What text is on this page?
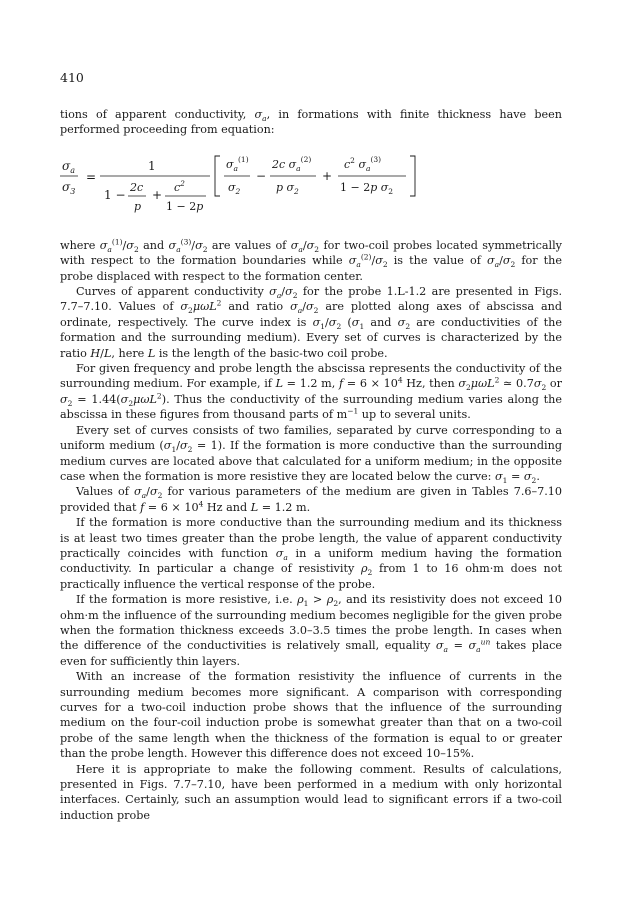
410

tions of apparent conductivity, $\sigma_a$, in formations with finite thickness have been performed proceeding from equation:

$\sigma_a$
$\sigma_3$
=
1
1 −
2c
p
+
$c^2$
1 − 2p
$\sigma_a^{(1)}$
$\sigma_2$
−
2c $\sigma_a^{(2)}$
p $\sigma_2$
+
$c^2$ $\sigma_a^{(3)}$
1 − 2p $\sigma_2$

where $\sigma_a^{(1)}/\sigma_2$ and $\sigma_a^{(3)}/\sigma_2$ are values of $\sigma_a/\sigma_2$ for two-coil probes located symmetrically with respect to the formation boundaries while $\sigma_a^{(2)}/\sigma_2$ is the value of $\sigma_a/\sigma_2$ for the probe displaced with respect to the formation center.

Curves of apparent conductivity $\sigma_a/\sigma_2$ for the probe 1.L-1.2 are presented in Figs. 7.7–7.10. Values of $\sigma_2\mu\omega L^2$ and ratio $\sigma_a/\sigma_2$ are plotted along axes of abscissa and ordinate, respectively. The curve index is $\sigma_1/\sigma_2$ ($\sigma_1$ and $\sigma_2$ are conductivities of the formation and the surrounding medium). Every set of curves is characterized by the ratio H/L, here L is the length of the basic-two coil probe.

For given frequency and probe length the abscissa represents the conductivity of the surrounding medium. For example, if L = 1.2 m, $f = 6 \times 10^4$ Hz, then $\sigma_2\mu\omega L^2$ ≃ $0.7\sigma_2$ or $\sigma_2 = 1.44(\sigma_2\mu\omega L^2)$. Thus the conductivity of the surrounding medium varies along the abscissa in these figures from thousand parts of $m^{-1}$ up to several units.

Every set of curves consists of two families, separated by curve corresponding to a uniform medium $(\sigma_1/\sigma_2 = 1)$. If the formation is more conductive than the surrounding medium curves are located above that calculated for a uniform medium; in the opposite case when the formation is more resistive they are located below the curve: $\sigma_1 = \sigma_2$.

Values of $\sigma_a/\sigma_2$ for various parameters of the medium are given in Tables 7.6–7.10 provided that $f = 6 \times 10^4$ Hz and L = 1.2 m.

If the formation is more conductive than the surrounding medium and its thickness is at least two times greater than the probe length, the value of apparent conductivity practically coincides with function $\sigma_a$ in a uniform medium having the formation conductivity. In particular a change of resistivity $\rho_2$ from 1 to 16 ohm·m does not practically influence the vertical response of the probe.

If the formation is more resistive, i.e. $\rho_1 > \rho_2$, and its resistivity does not exceed 10 ohm·m the influence of the surrounding medium becomes negligible for the given probe when the formation thickness exceeds 3.0–3.5 times the probe length. In cases when the difference of the conductivities is relatively small, equality $\sigma_a = \sigma_a^{un}$ takes place even for sufficiently thin layers.

With an increase of the formation resistivity the influence of currents in the surrounding medium becomes more significant. A comparison with corresponding curves for a two-coil induction probe shows that the influence of the surrounding medium on the four-coil induction probe is somewhat greater than that on a two-coil probe of the same length when the thickness of the formation is equal to or greater than the probe length. However this difference does not exceed 10–15%.

Here it is appropriate to make the following comment. Results of calculations, presented in Figs. 7.7–7.10, have been performed in a medium with only horizontal interfaces. Certainly, such an assumption would lead to significant errors if a two-coil induction probe
